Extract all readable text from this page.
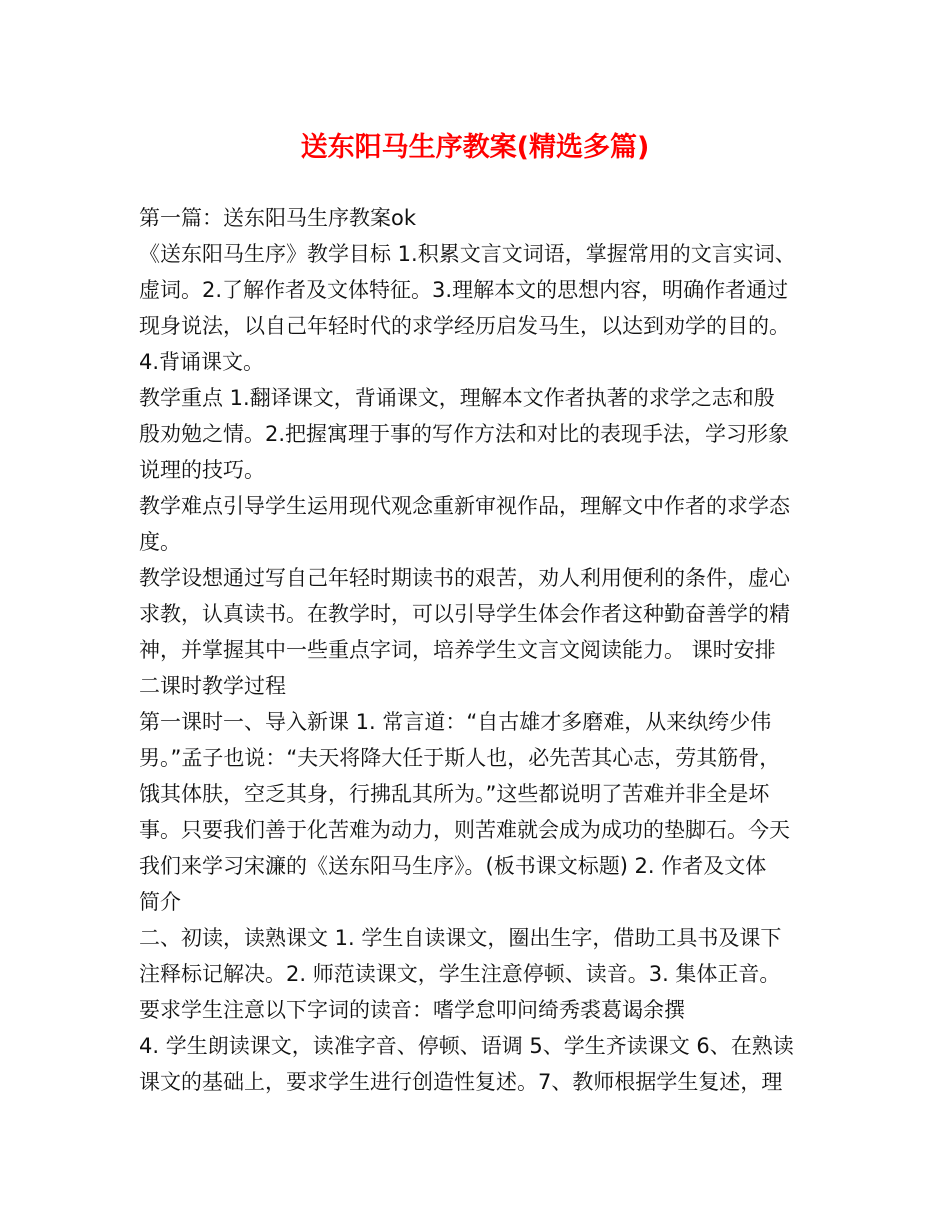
送东阳马生序教案(精选多篇)
第一篇：送东阳马生序教案ok
《送东阳马生序》教学目标 1.积累文言文词语，掌握常用的文言实词、
虚词。2.了解作者及文体特征。3.理解本文的思想内容，明确作者通过
现身说法，以自己年轻时代的求学经历启发马生，以达到劝学的目的。
4.背诵课文。
教学重点 1.翻译课文，背诵课文，理解本文作者执著的求学之志和殷
殷劝勉之情。2.把握寓理于事的写作方法和对比的表现手法，学习形象
说理的技巧。
教学难点引导学生运用现代观念重新审视作品，理解文中作者的求学态
度。
教学设想通过写自己年轻时期读书的艰苦，劝人利用便利的条件，虚心
求教，认真读书。在教学时，可以引导学生体会作者这种勤奋善学的精
神，并掌握其中一些重点字词，培养学生文言文阅读能力。 课时安排
二课时教学过程
第一课时一、导入新课 1. 常言道：“自古雄才多磨难，从来纨绔少伟
男。”孟子也说：“夫天将降大任于斯人也，必先苦其心志，劳其筋骨，
饿其体肤，空乏其身，行拂乱其所为。”这些都说明了苦难并非全是坏
事。只要我们善于化苦难为动力，则苦难就会成为成功的垫脚石。今天
我们来学习宋濂的《送东阳马生序》。(板书课文标题) 2. 作者及文体
简介
二、初读，读熟课文 1. 学生自读课文，圈出生字，借助工具书及课下
注释标记解决。2. 师范读课文，学生注意停顿、读音。3. 集体正音。
要求学生注意以下字词的读音：嗜学怠叩问绮秀裘葛谒余撰
4. 学生朗读课文，读准字音、停顿、语调 5、学生齐读课文 6、在熟读
课文的基础上，要求学生进行创造性复述。7、教师根据学生复述，理
